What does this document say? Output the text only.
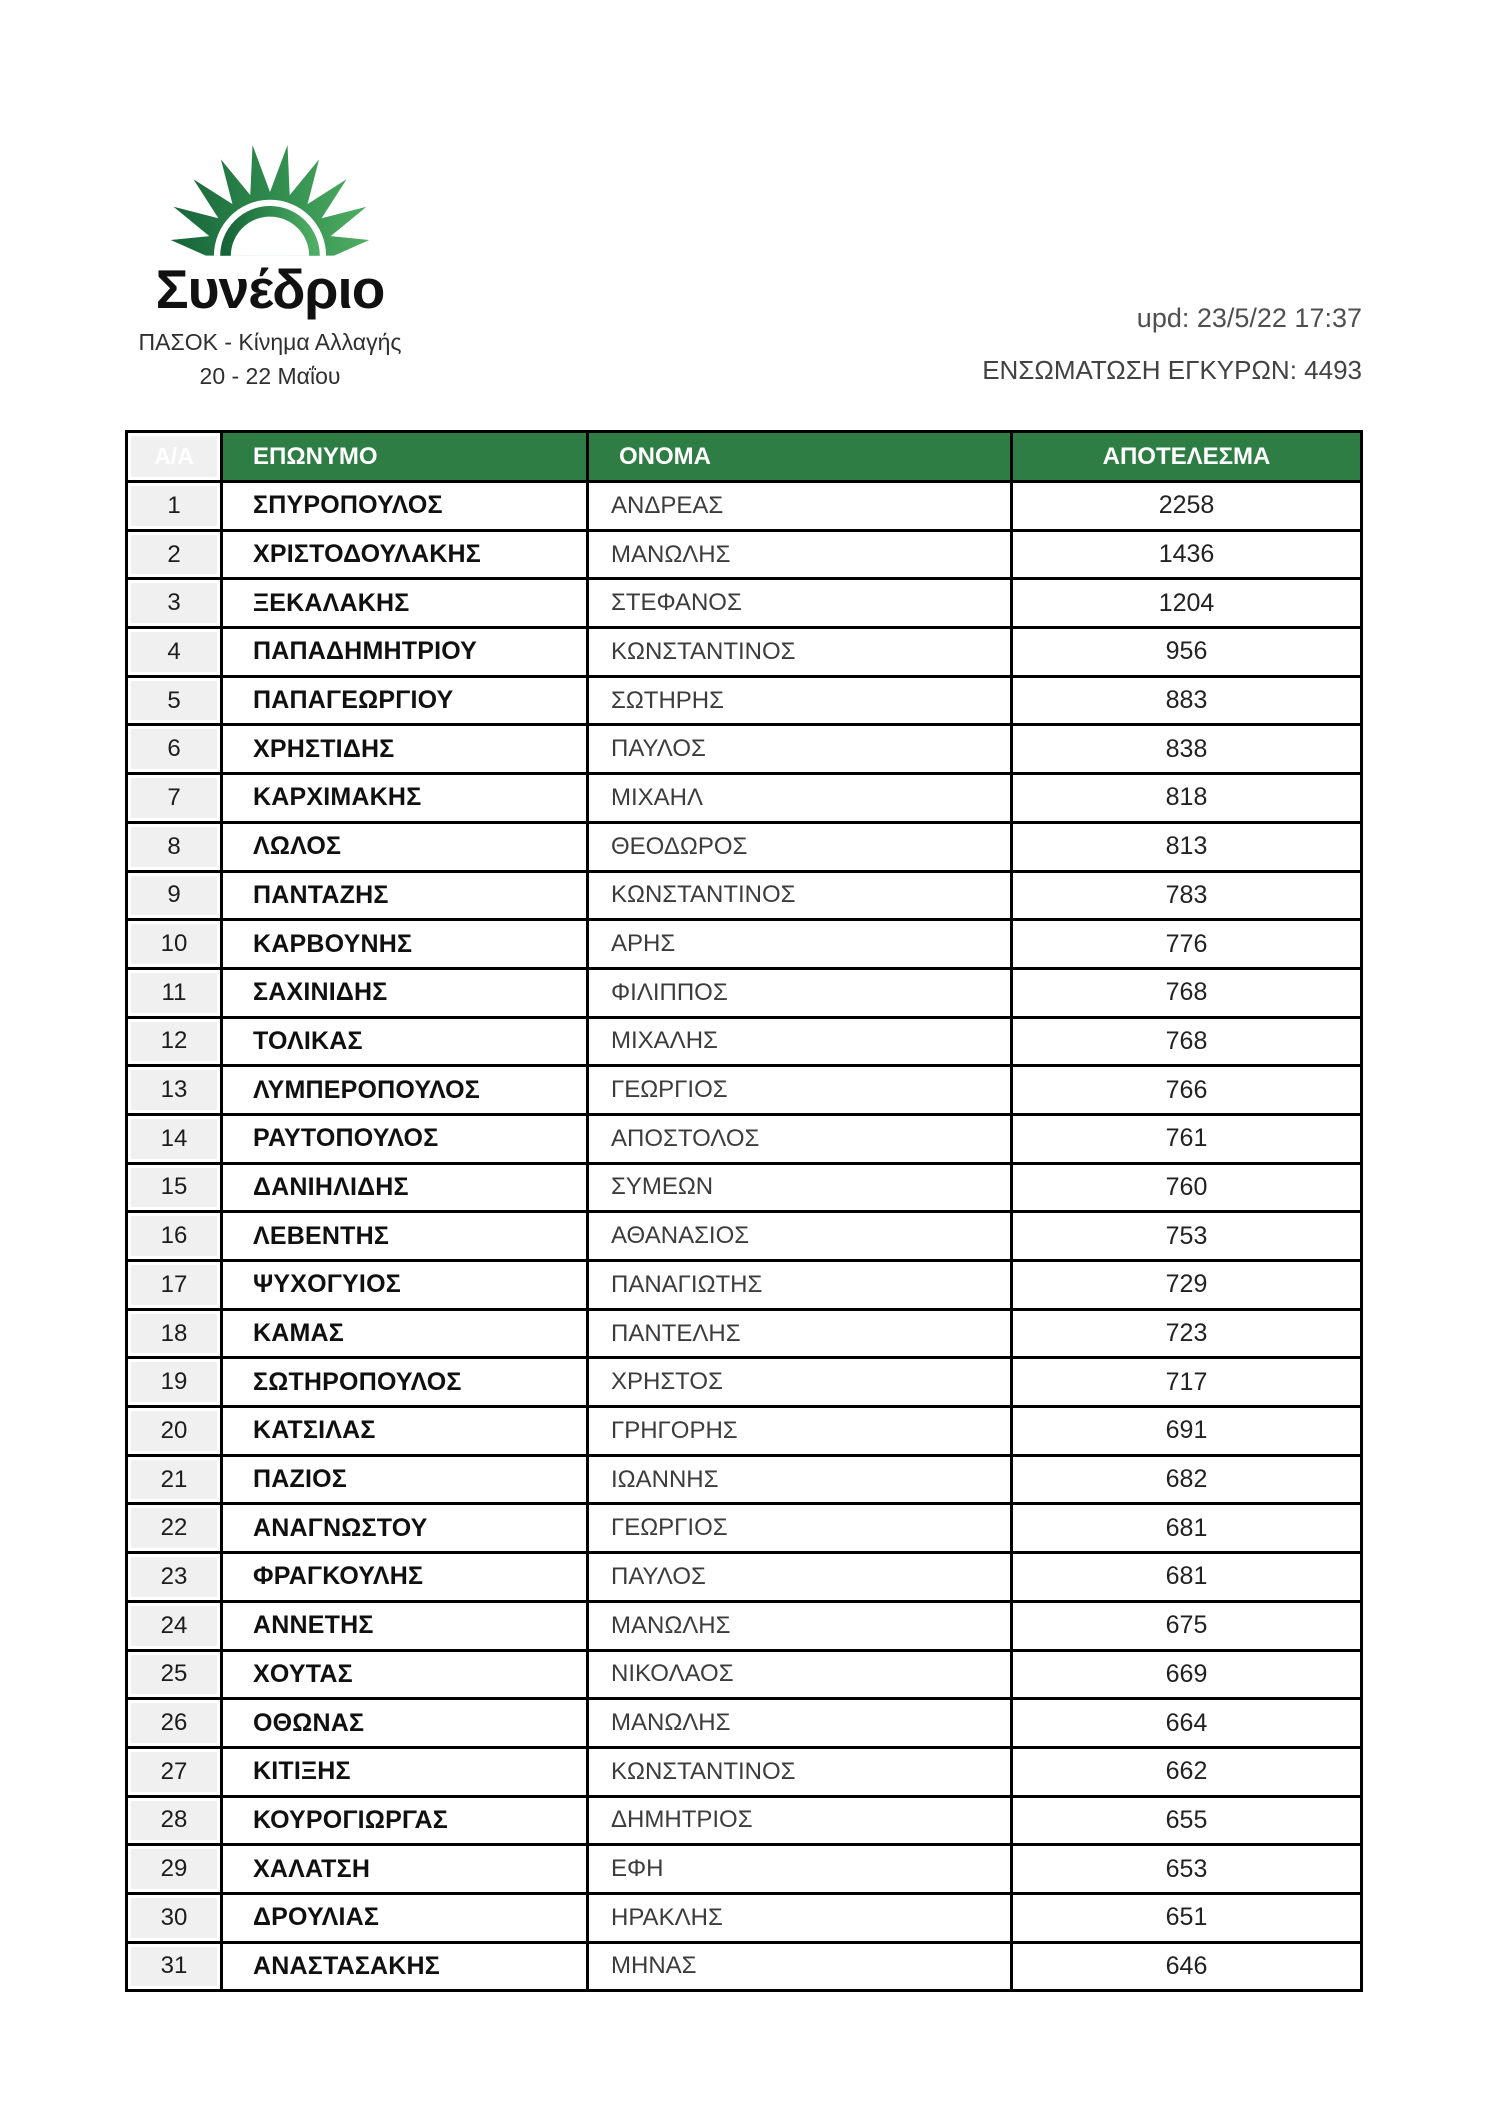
Συνέδριο
ΠΑΣΟΚ - Κίνημα Αλλαγής
20 - 22 Μαΐου
upd: 23/5/22 17:37
ΕΝΣΩΜΑΤΩΣΗ ΕΓΚΥΡΩΝ: 4493
Α/Α	ΕΠΩΝΥΜΟ	ΟΝΟΜΑ	ΑΠΟΤΕΛΕΣΜΑ
1	ΣΠΥΡΟΠΟΥΛΟΣ	ΑΝΔΡΕΑΣ	2258
2	ΧΡΙΣΤΟΔΟΥΛΑΚΗΣ	ΜΑΝΩΛΗΣ	1436
3	ΞΕΚΑΛΑΚΗΣ	ΣΤΕΦΑΝΟΣ	1204
4	ΠΑΠΑΔΗΜΗΤΡΙΟΥ	ΚΩΝΣΤΑΝΤΙΝΟΣ	956
5	ΠΑΠΑΓΕΩΡΓΙΟΥ	ΣΩΤΗΡΗΣ	883
6	ΧΡΗΣΤΙΔΗΣ	ΠΑΥΛΟΣ	838
7	ΚΑΡΧΙΜΑΚΗΣ	ΜΙΧΑΗΛ	818
8	ΛΩΛΟΣ	ΘΕΟΔΩΡΟΣ	813
9	ΠΑΝΤΑΖΗΣ	ΚΩΝΣΤΑΝΤΙΝΟΣ	783
10	ΚΑΡΒΟΥΝΗΣ	ΑΡΗΣ	776
11	ΣΑΧΙΝΙΔΗΣ	ΦΙΛΙΠΠΟΣ	768
12	ΤΟΛΙΚΑΣ	ΜΙΧΑΛΗΣ	768
13	ΛΥΜΠΕΡΟΠΟΥΛΟΣ	ΓΕΩΡΓΙΟΣ	766
14	ΡΑΥΤΟΠΟΥΛΟΣ	ΑΠΟΣΤΟΛΟΣ	761
15	ΔΑΝΙΗΛΙΔΗΣ	ΣΥΜΕΩΝ	760
16	ΛΕΒΕΝΤΗΣ	ΑΘΑΝΑΣΙΟΣ	753
17	ΨΥΧΟΓΥΙΟΣ	ΠΑΝΑΓΙΩΤΗΣ	729
18	ΚΑΜΑΣ	ΠΑΝΤΕΛΗΣ	723
19	ΣΩΤΗΡΟΠΟΥΛΟΣ	ΧΡΗΣΤΟΣ	717
20	ΚΑΤΣΙΛΑΣ	ΓΡΗΓΟΡΗΣ	691
21	ΠΑΖΙΟΣ	ΙΩΑΝΝΗΣ	682
22	ΑΝΑΓΝΩΣΤΟΥ	ΓΕΩΡΓΙΟΣ	681
23	ΦΡΑΓΚΟΥΛΗΣ	ΠΑΥΛΟΣ	681
24	ΑΝΝΕΤΗΣ	ΜΑΝΩΛΗΣ	675
25	ΧΟΥΤΑΣ	ΝΙΚΟΛΑΟΣ	669
26	ΟΘΩΝΑΣ	ΜΑΝΩΛΗΣ	664
27	ΚΙΤΙΞΗΣ	ΚΩΝΣΤΑΝΤΙΝΟΣ	662
28	ΚΟΥΡΟΓΙΩΡΓΑΣ	ΔΗΜΗΤΡΙΟΣ	655
29	ΧΑΛΑΤΣΗ	ΕΦΗ	653
30	ΔΡΟΥΛΙΑΣ	ΗΡΑΚΛΗΣ	651
31	ΑΝΑΣΤΑΣΑΚΗΣ	ΜΗΝΑΣ	646
